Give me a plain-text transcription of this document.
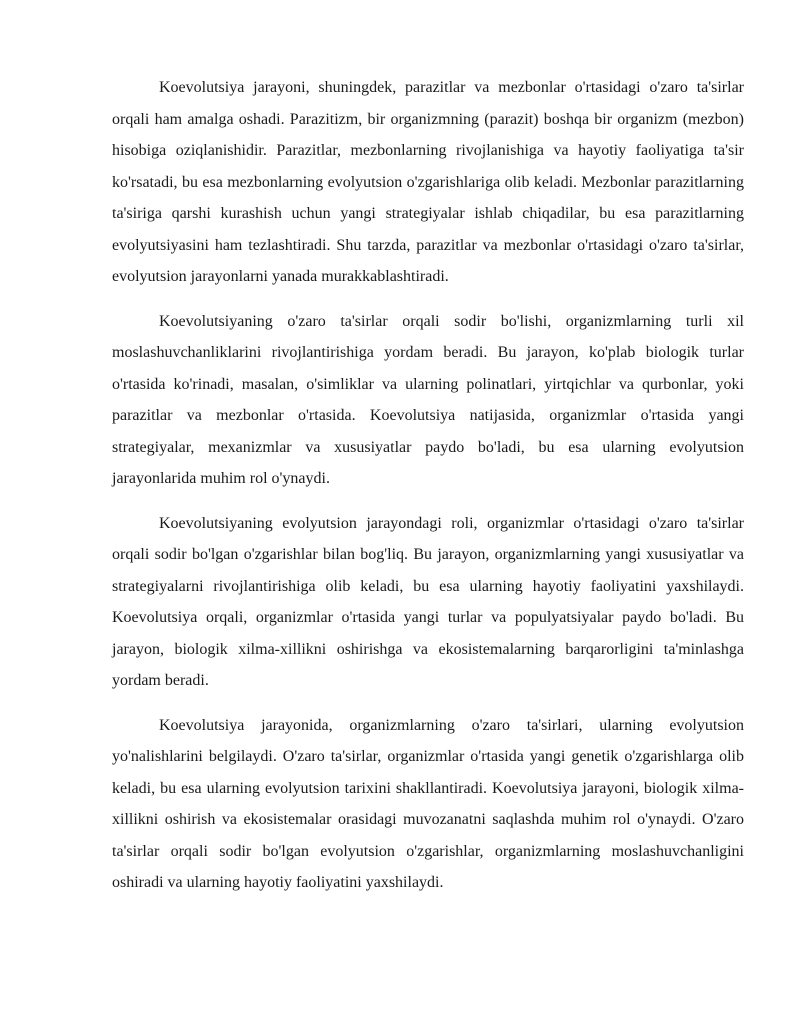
Koevolutsiya jarayoni, shuningdek, parazitlar va mezbonlar o'rtasidagi o'zaro ta'sirlar orqali ham amalga oshadi. Parazitizm, bir organizmning (parazit) boshqa bir organizm (mezbon) hisobiga oziqlanishidir. Parazitlar, mezbonlarning rivojlanishiga va hayotiy faoliyatiga ta'sir ko'rsatadi, bu esa mezbonlarning evolyutsion o'zgarishlariga olib keladi. Mezbonlar parazitlarning ta'siriga qarshi kurashish uchun yangi strategiyalar ishlab chiqadilar, bu esa parazitlarning evolyutsiyasini ham tezlashtiradi. Shu tarzda, parazitlar va mezbonlar o'rtasidagi o'zaro ta'sirlar, evolyutsion jarayonlarni yanada murakkablashtiradi.

Koevolutsiyaning o'zaro ta'sirlar orqali sodir bo'lishi, organizmlarning turli xil moslashuvchanliklarini rivojlantirishiga yordam beradi. Bu jarayon, ko'plab biologik turlar o'rtasida ko'rinadi, masalan, o'simliklar va ularning polinatlari, yirtqichlar va qurbonlar, yoki parazitlar va mezbonlar o'rtasida. Koevolutsiya natijasida, organizmlar o'rtasida yangi strategiyalar, mexanizmlar va xususiyatlar paydo bo'ladi, bu esa ularning evolyutsion jarayonlarida muhim rol o'ynaydi.

Koevolutsiyaning evolyutsion jarayondagi roli, organizmlar o'rtasidagi o'zaro ta'sirlar orqali sodir bo'lgan o'zgarishlar bilan bog'liq. Bu jarayon, organizmlarning yangi xususiyatlar va strategiyalarni rivojlantirishiga olib keladi, bu esa ularning hayotiy faoliyatini yaxshilaydi. Koevolutsiya orqali, organizmlar o'rtasida yangi turlar va populyatsiyalar paydo bo'ladi. Bu jarayon, biologik xilma-xillikni oshirishga va ekosistemalarning barqarorligini ta'minlashga yordam beradi.

Koevolutsiya jarayonida, organizmlarning o'zaro ta'sirlari, ularning evolyutsion yo'nalishlarini belgilaydi. O'zaro ta'sirlar, organizmlar o'rtasida yangi genetik o'zgarishlarga olib keladi, bu esa ularning evolyutsion tarixini shakllantiradi. Koevolutsiya jarayoni, biologik xilma-xillikni oshirish va ekosistemalar orasidagi muvozanatni saqlashda muhim rol o'ynaydi. O'zaro ta'sirlar orqali sodir bo'lgan evolyutsion o'zgarishlar, organizmlarning moslashuvchanligini oshiradi va ularning hayotiy faoliyatini yaxshilaydi.
